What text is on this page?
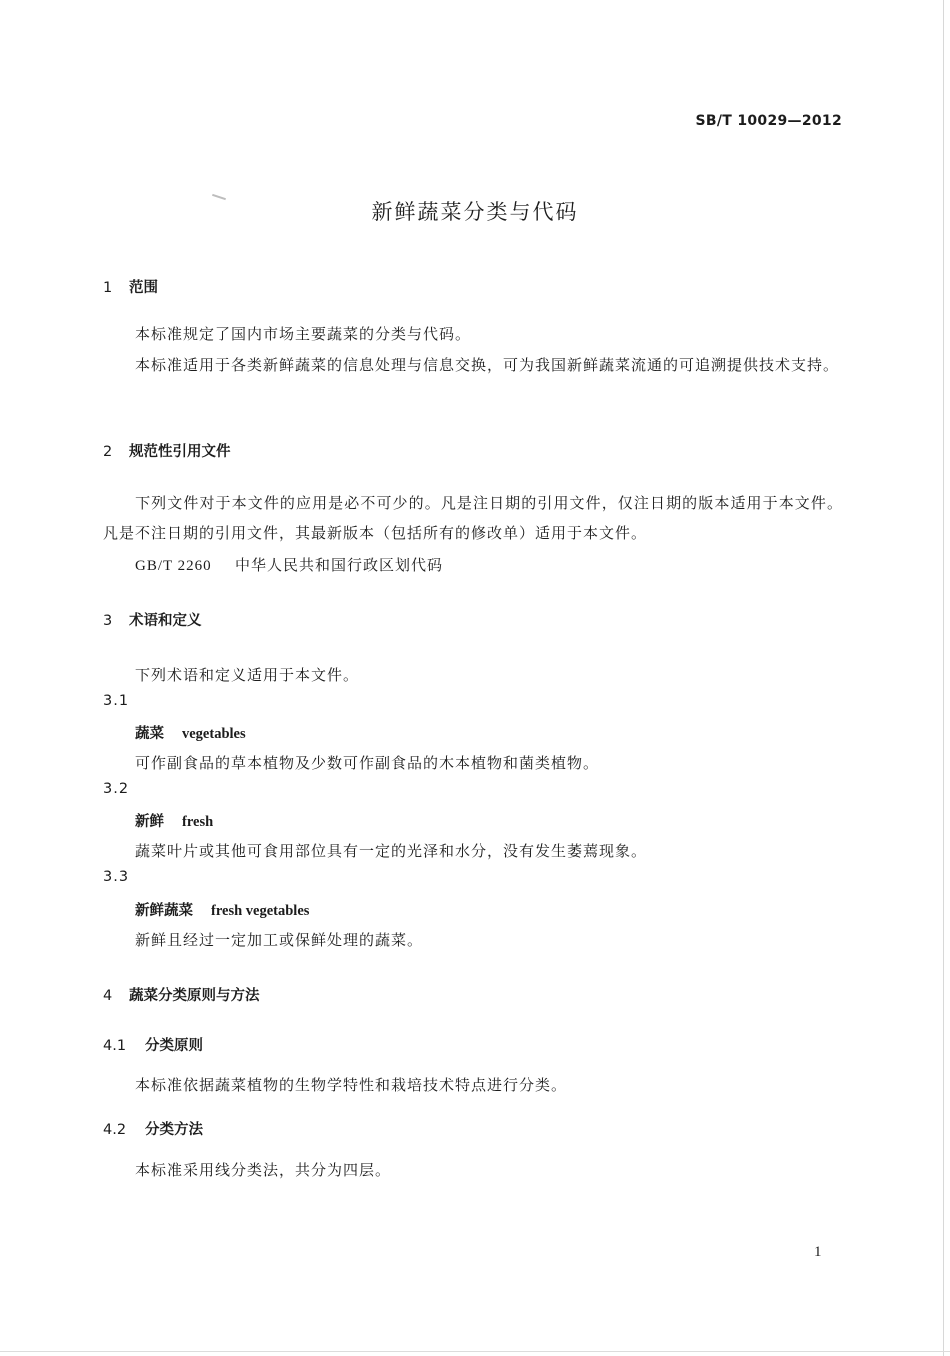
SB/T 10029—2012
新鲜蔬菜分类与代码
1 范围
本标准规定了国内市场主要蔬菜的分类与代码。
本标准适用于各类新鲜蔬菜的信息处理与信息交换，可为我国新鲜蔬菜流通的可追溯提供技术支持。
2 规范性引用文件
下列文件对于本文件的应用是必不可少的。凡是注日期的引用文件，仅注日期的版本适用于本文件。凡是不注日期的引用文件，其最新版本（包括所有的修改单）适用于本文件。
GB/T 2260 中华人民共和国行政区划代码
3 术语和定义
下列术语和定义适用于本文件。
3.1
蔬菜 vegetables
可作副食品的草本植物及少数可作副食品的木本植物和菌类植物。
3.2
新鲜 fresh
蔬菜叶片或其他可食用部位具有一定的光泽和水分，没有发生萎蔫现象。
3.3
新鲜蔬菜 fresh vegetables
新鲜且经过一定加工或保鲜处理的蔬菜。
4 蔬菜分类原则与方法
4.1 分类原则
本标准依据蔬菜植物的生物学特性和栽培技术特点进行分类。
4.2 分类方法
本标准采用线分类法，共分为四层。
1
